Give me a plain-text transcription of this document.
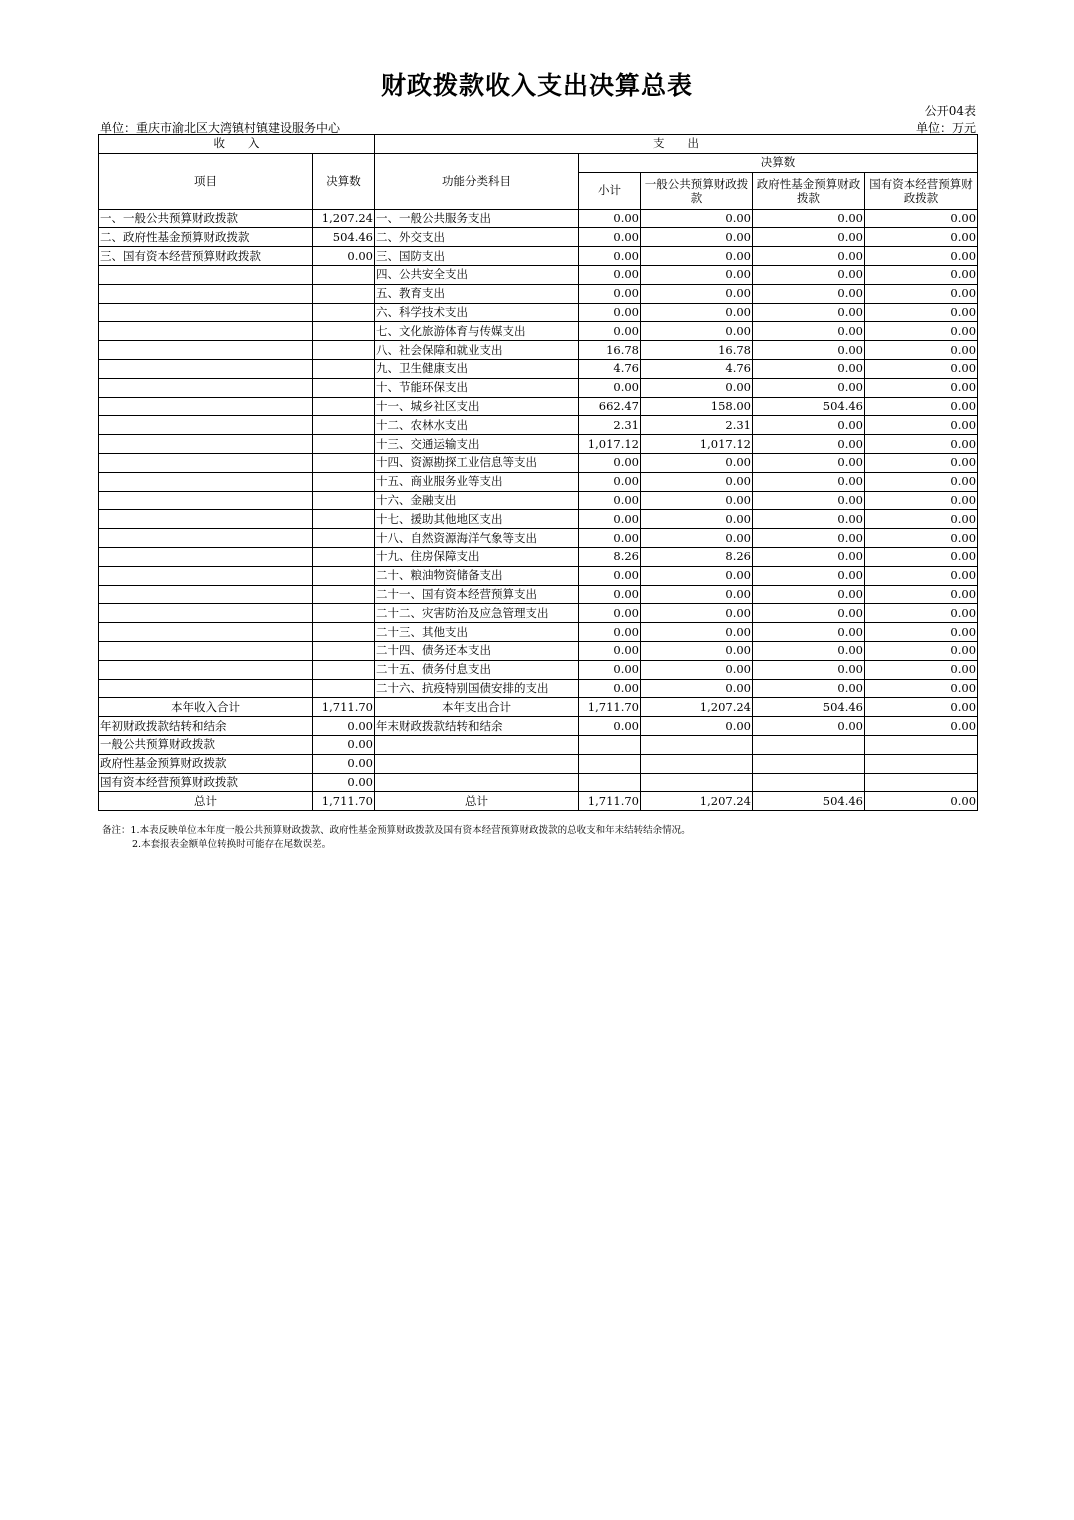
财政拨款收入支出决算总表
公开04表
单位：重庆市渝北区大湾镇村镇建设服务中心	单位：万元
收　　入		支　　出				
项目	决算数	功能分类科目	决算数			
			小计	一般公共预算财政拨款	政府性基金预算财政拨款	国有资本经营预算财政拨款

一、一般公共预算财政拨款	1,207.24	一、一般公共服务支出	0.00	0.00	0.00	0.00
二、政府性基金预算财政拨款	504.46	二、外交支出	0.00	0.00	0.00	0.00
三、国有资本经营预算财政拨款	0.00	三、国防支出	0.00	0.00	0.00	0.00
		四、公共安全支出	0.00	0.00	0.00	0.00
		五、教育支出	0.00	0.00	0.00	0.00
		六、科学技术支出	0.00	0.00	0.00	0.00
		七、文化旅游体育与传媒支出	0.00	0.00	0.00	0.00
		八、社会保障和就业支出	16.78	16.78	0.00	0.00
		九、卫生健康支出	4.76	4.76	0.00	0.00
		十、节能环保支出	0.00	0.00	0.00	0.00
		十一、城乡社区支出	662.47	158.00	504.46	0.00
		十二、农林水支出	2.31	2.31	0.00	0.00
		十三、交通运输支出	1,017.12	1,017.12	0.00	0.00
		十四、资源勘探工业信息等支出	0.00	0.00	0.00	0.00
		十五、商业服务业等支出	0.00	0.00	0.00	0.00
		十六、金融支出	0.00	0.00	0.00	0.00
		十七、援助其他地区支出	0.00	0.00	0.00	0.00
		十八、自然资源海洋气象等支出	0.00	0.00	0.00	0.00
		十九、住房保障支出	8.26	8.26	0.00	0.00
		二十、粮油物资储备支出	0.00	0.00	0.00	0.00
		二十一、国有资本经营预算支出	0.00	0.00	0.00	0.00
		二十二、灾害防治及应急管理支出	0.00	0.00	0.00	0.00
		二十三、其他支出	0.00	0.00	0.00	0.00
		二十四、债务还本支出	0.00	0.00	0.00	0.00
		二十五、债务付息支出	0.00	0.00	0.00	0.00
		二十六、抗疫特别国债安排的支出	0.00	0.00	0.00	0.00
本年收入合计	1,711.70	本年支出合计	1,711.70	1,207.24	504.46	0.00
年初财政拨款结转和结余	0.00	年末财政拨款结转和结余	0.00	0.00	0.00	0.00
一般公共预算财政拨款	0.00					
政府性基金预算财政拨款	0.00					
国有资本经营预算财政拨款	0.00					
总计	1,711.70	总计	1,711.70	1,207.24	504.46	0.00
备注：1.本表反映单位本年度一般公共预算财政拨款、政府性基金预算财政拨款及国有资本经营预算财政拨款的总收支和年末结转结余情况。
2.本套报表金额单位转换时可能存在尾数误差。
